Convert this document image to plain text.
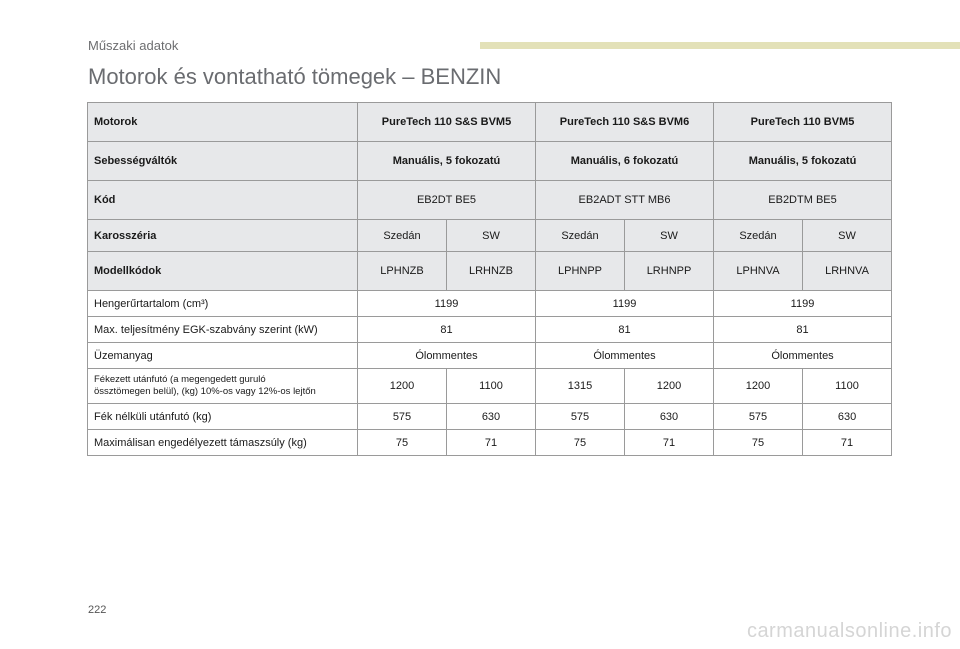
Műszaki adatok
Motorok és vontatható tömegek – BENZIN
Motorok	PureTech 110 S&S BVM5		PureTech 110 S&S BVM6		PureTech 110 BVM5	
Sebességváltók	Manuális, 5 fokozatú		Manuális, 6 fokozatú		Manuális, 5 fokozatú	
Kód	EB2DT BE5		EB2ADT STT MB6		EB2DTM BE5	
Karosszéria	Szedán	SW	Szedán	SW	Szedán	SW
Modellkódok	LPHNZB	LRHNZB	LPHNPP	LRHNPP	LPHNVA	LRHNVA
Hengerűrtartalom (cm³)	1199		1199		1199	
Max. teljesítmény EGK-szabvány szerint (kW)	81		81		81	
Üzemanyag	Ólommentes		Ólommentes		Ólommentes	
Fékezett utánfutó (a megengedett guruló
össztömegen belül), (kg) 10%-os vagy 12%-os lejtőn	1200	1100	1315	1200	1200	1100
Fék nélküli utánfutó (kg)	575	630	575	630	575	630
Maximálisan engedélyezett támaszsúly (kg)	75	71	75	71	75	71
222
carmanualsonline.info
